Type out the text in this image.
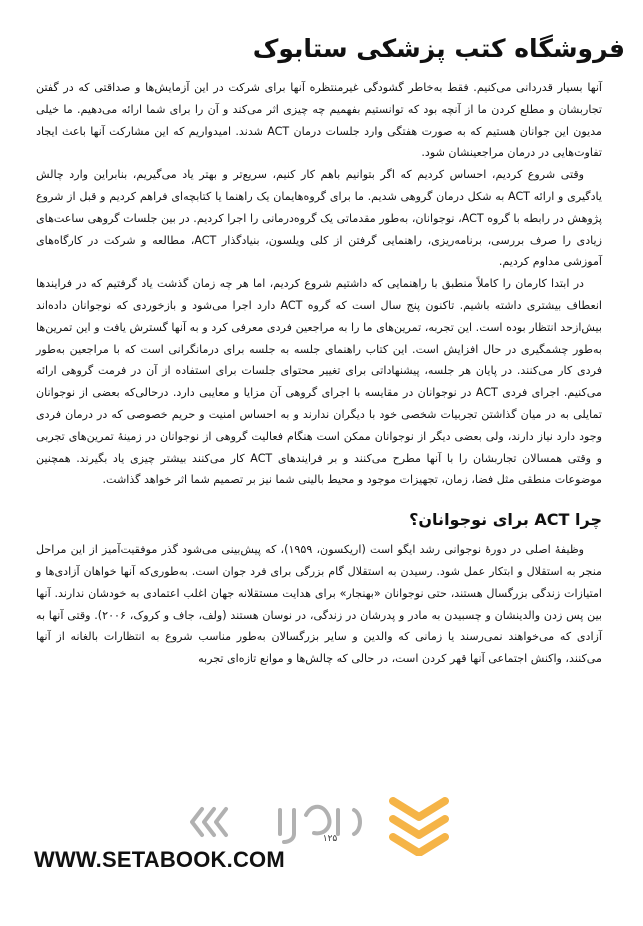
فروشگاه کتب پزشکی ستابوک

آنها بسیار قدردانی می‌کنیم. فقط به‌خاطر گشودگی غیرمنتظره آنها برای شرکت در این آزمایش‌ها و صداقتی که در گفتن تجاربشان و مطلع کردن ما از آنچه بود که توانستیم بفهمیم چه چیزی اثر می‌کند و آن را برای شما ارائه می‌دهیم. ما خیلی مدیون این جوانان هستیم که به صورت هفتگی وارد جلسات درمان ACT شدند. امیدواریم که این مشارکت آنها باعث ایجاد تفاوت‌هایی در درمان مراجعینشان شود.

وقتی شروع کردیم، احساس کردیم که اگر بتوانیم باهم کار کنیم، سریع‌تر و بهتر یاد می‌گیریم، بنابراین وارد چالش یادگیری و ارائه ACT به شکل درمان گروهی شدیم. ما برای گروه‌هایمان یک راهنما یا کتابچه‌ای فراهم کردیم و قبل از شروع پژوهش در رابطه با گروه ACT، نوجوانان، به‌طور مقدماتی یک گروه‌درمانی را اجرا کردیم. در بین جلسات گروهی ساعت‌های زیادی را صرف بررسی، برنامه‌ریزی، راهنمایی گرفتن از کلی ویلسون، بنیادگذار ACT، مطالعه و شرکت در کارگاه‌های آموزشی مداوم کردیم.

در ابتدا کارمان را کاملاً منطبق با راهنمایی که داشتیم شروع کردیم، اما هر چه زمان گذشت یاد گرفتیم که در فرایندها انعطاف بیشتری داشته باشیم. تاکنون پنج سال است که گروه ACT دارد اجرا می‌شود و بازخوردی که نوجوانان داده‌اند بیش‌ازحد انتظار بوده است. این تجربه، تمرین‌های ما را به مراجعین فردی معرفی کرد و به آنها گسترش یافت و این تمرین‌ها به‌طور چشمگیری در حال افزایش است. این کتاب راهنمای جلسه به جلسه برای درمانگرانی است که با مراجعین به‌طور فردی کار می‌کنند. در پایان هر جلسه، پیشنهاداتی برای تغییر محتوای جلسات برای استفاده از آن در فرمت گروهی ارائه می‌کنیم. اجرای فردی ACT در نوجوانان در مقایسه با اجرای گروهی آن مزایا و معایبی دارد. درحالی‌که بعضی از نوجوانان تمایلی به در میان گذاشتن تجربیات شخصی خود با دیگران ندارند و به احساس امنیت و حریم خصوصی که در درمان فردی وجود دارد نیاز دارند، ولی بعضی دیگر از نوجوانان ممکن است هنگام فعالیت گروهی از نوجوانان در زمینهٔ تمرین‌های تجربی و وقتی همسالان تجاربشان را با آنها مطرح می‌کنند و بر فرایندهای ACT کار می‌کنند بیشتر چیزی یاد بگیرند. همچنین موضوعات منطقی مثل فضا، زمان، تجهیزات موجود و محیط بالینی شما نیز بر تصمیم شما اثر خواهد گذاشت.

چرا ACT برای نوجوانان؟

وظیفهٔ اصلی در دورهٔ نوجوانی رشد ایگو است (اریکسون، ۱۹۵۹)، که پیش‌بینی می‌شود گذر موفقیت‌آمیز از این مراحل منجر به استقلال و ابتکار عمل شود. رسیدن به استقلال گام بزرگی برای فرد جوان است. به‌طوری‌که آنها خواهان آزادی‌ها و امتیازات زندگی بزرگسال هستند، حتی نوجوانان «بهنجار» برای هدایت مستقلانه جهان اغلب اعتمادی به خودشان ندارند. آنها بین پس زدن والدینشان و چسبیدن به مادر و پدرشان در زندگی، در نوسان هستند (ولف، جاف و کروک، ۲۰۰۶). وقتی آنها به آزادی که می‌خواهند نمی‌رسند یا زمانی که والدین و سایر بزرگسالان به‌طور مناسب شروع به انتظارات بالغانه از آنها می‌کنند، واکنش اجتماعی آنها قهر کردن است، در حالی که چالش‌ها و موانع تازه‌ای تجربه

۱۲۵
WWW.SETABOOK.COM
